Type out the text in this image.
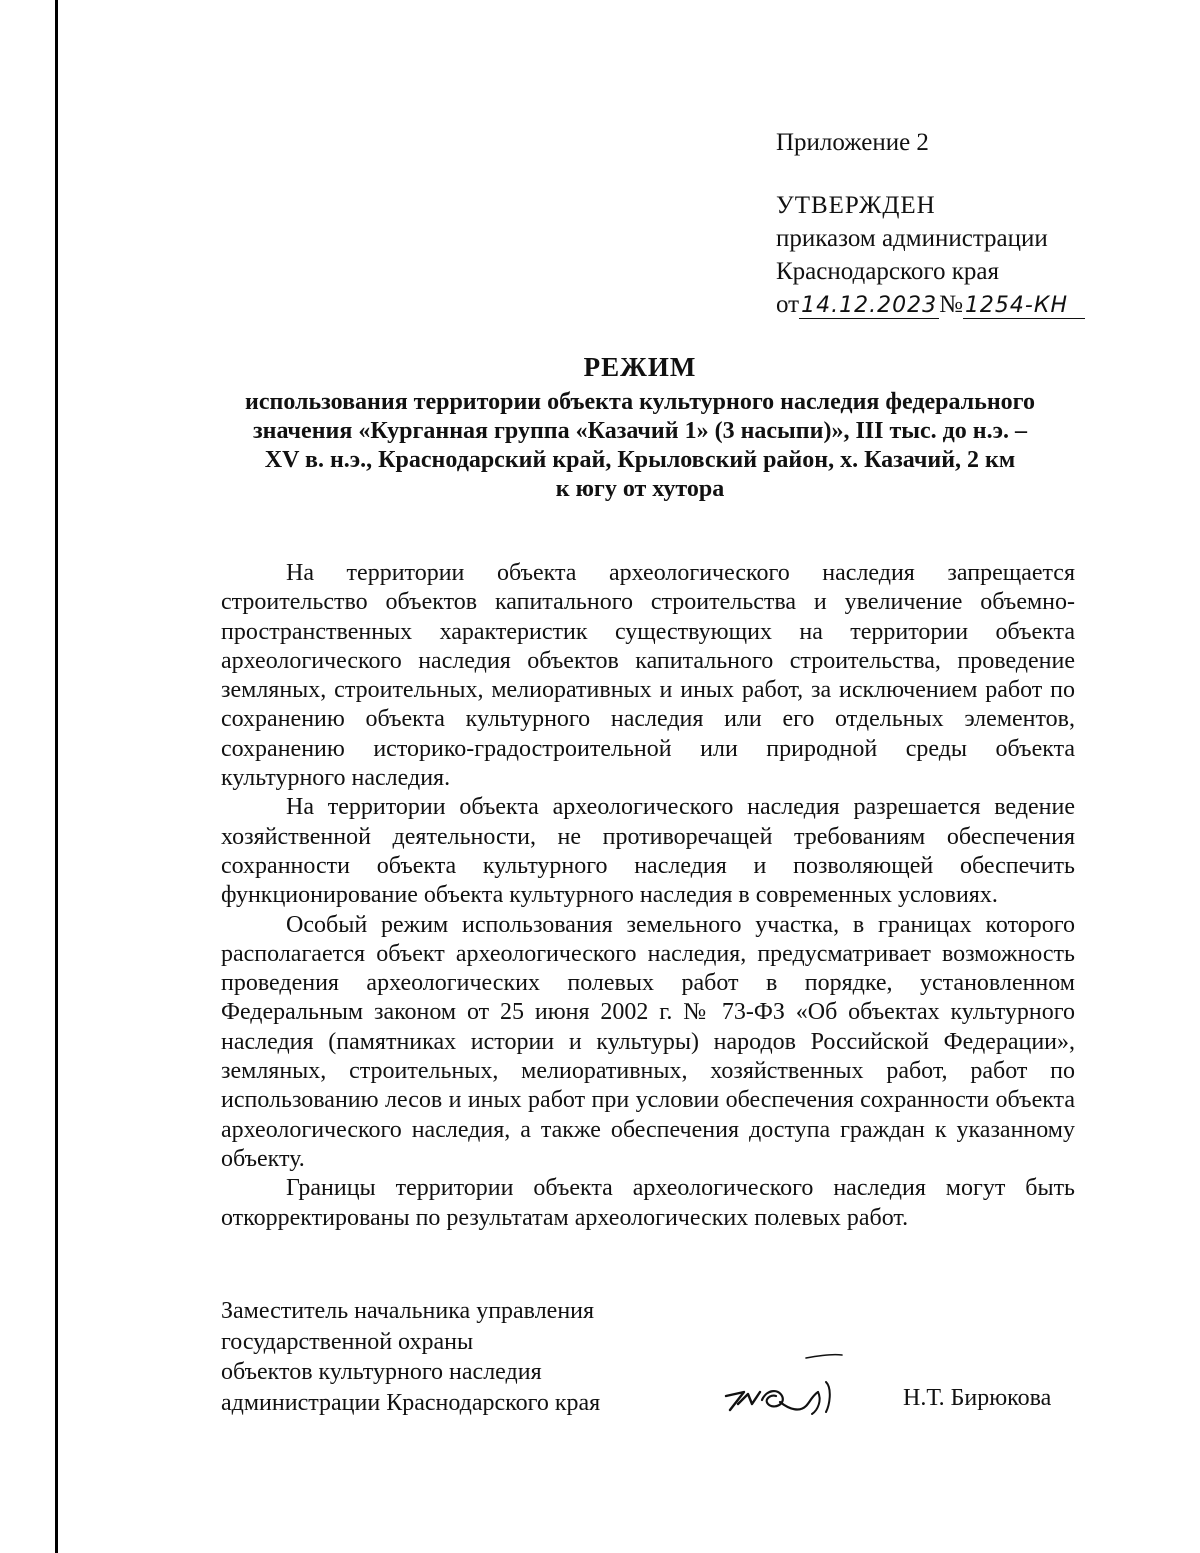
Приложение 2
УТВЕРЖДЕН
приказом администрации
Краснодарского края
от14.12.2023№1254-КН
РЕЖИМ
использования территории объекта культурного наследия федерального
значения «Курганная группа «Казачий 1» (3 насыпи)», III тыс. до н.э. –
XV в. н.э., Краснодарский край, Крыловский район, х. Казачий, 2 км
к югу от хутора

На территории объекта археологического наследия запрещается строительство объектов капитального строительства и увеличение объемно-пространственных характеристик существующих на территории объекта археологического наследия объектов капитального строительства, проведение земляных, строительных, мелиоративных и иных работ, за исключением работ по сохранению объекта культурного наследия или его отдельных элементов, сохранению историко-градостроительной или природной среды объекта культурного наследия.

На территории объекта археологического наследия разрешается ведение хозяйственной деятельности, не противоречащей требованиям обеспечения сохранности объекта культурного наследия и позволяющей обеспечить функционирование объекта культурного наследия в современных условиях.

Особый режим использования земельного участка, в границах которого располагается объект археологического наследия, предусматривает возможность проведения археологических полевых работ в порядке, установленном Федеральным законом от 25 июня 2002 г. № 73-ФЗ «Об объектах культурного наследия (памятниках истории и культуры) народов Российской Федерации», земляных, строительных, мелиоративных, хозяйственных работ, работ по использованию лесов и иных работ при условии обеспечения сохранности объекта археологического наследия, а также обеспечения доступа граждан к указанному объекту.

Границы территории объекта археологического наследия могут быть откорректированы по результатам археологических полевых работ.

Заместитель начальника управления
государственной охраны
объектов культурного наследия
администрации Краснодарского края	Н.Т. Бирюкова
